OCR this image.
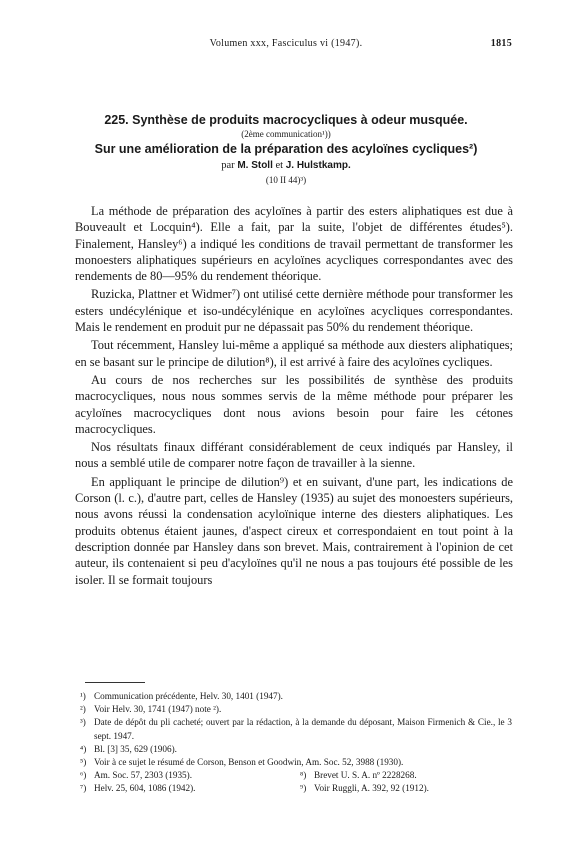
Volumen xxx, Fasciculus vi (1947).	1815
225. Synthèse de produits macrocycliques à odeur musquée.
(2ème communication¹))
Sur une amélioration de la préparation des acyloïnes cycliques²)
par M. Stoll et J. Hulstkamp.
(10 II 44)³)

La méthode de préparation des acyloïnes à partir des esters aliphatiques est due à Bouveault et Locquin⁴). Elle a fait, par la suite, l'objet de différentes études⁵). Finalement, Hansley⁶) a indiqué les conditions de travail permettant de transformer les monoesters aliphatiques supérieurs en acyloïnes acycliques correspondantes avec des rendements de 80—95% du rendement théorique.

Ruzicka, Plattner et Widmer⁷) ont utilisé cette dernière méthode pour transformer les esters undécylénique et iso-undécylénique en acyloïnes acycliques correspondantes. Mais le rendement en produit pur ne dépassait pas 50% du rendement théorique.

Tout récemment, Hansley lui-même a appliqué sa méthode aux diesters aliphatiques; en se basant sur le principe de dilution⁸), il est arrivé à faire des acyloïnes cycliques.

Au cours de nos recherches sur les possibilités de synthèse des produits macrocycliques, nous nous sommes servis de la même méthode pour préparer les acyloïnes macrocycliques dont nous avions besoin pour faire les cétones macrocycliques.

Nos résultats finaux différant considérablement de ceux indiqués par Hansley, il nous a semblé utile de comparer notre façon de travailler à la sienne.

En appliquant le principe de dilution⁹) et en suivant, d'une part, les indications de Corson (l. c.), d'autre part, celles de Hansley (1935) au sujet des monoesters supérieurs, nous avons réussi la condensation acyloïnique interne des diesters aliphatiques. Les produits obtenus étaient jaunes, d'aspect cireux et correspondaient en tout point à la description donnée par Hansley dans son brevet. Mais, contrairement à l'opinion de cet auteur, ils contenaient si peu d'acyloïnes qu'il ne nous a pas toujours été possible de les isoler. Il se formait toujours

¹) Communication précédente, Helv. 30, 1401 (1947).
²) Voir Helv. 30, 1741 (1947) note ²).
³) Date de dépôt du pli cacheté; ouvert par la rédaction, à la demande du déposant, Maison Firmenich & Cie., le 3 sept. 1947.
⁴) Bl. [3] 35, 629 (1906).
⁵) Voir à ce sujet le résumé de Corson, Benson et Goodwin, Am. Soc. 52, 3988 (1930).
⁶) Am. Soc. 57, 2303 (1935).	⁸) Brevet U. S. A. nº 2228268.
⁷) Helv. 25, 604, 1086 (1942).	⁹) Voir Ruggli, A. 392, 92 (1912).
